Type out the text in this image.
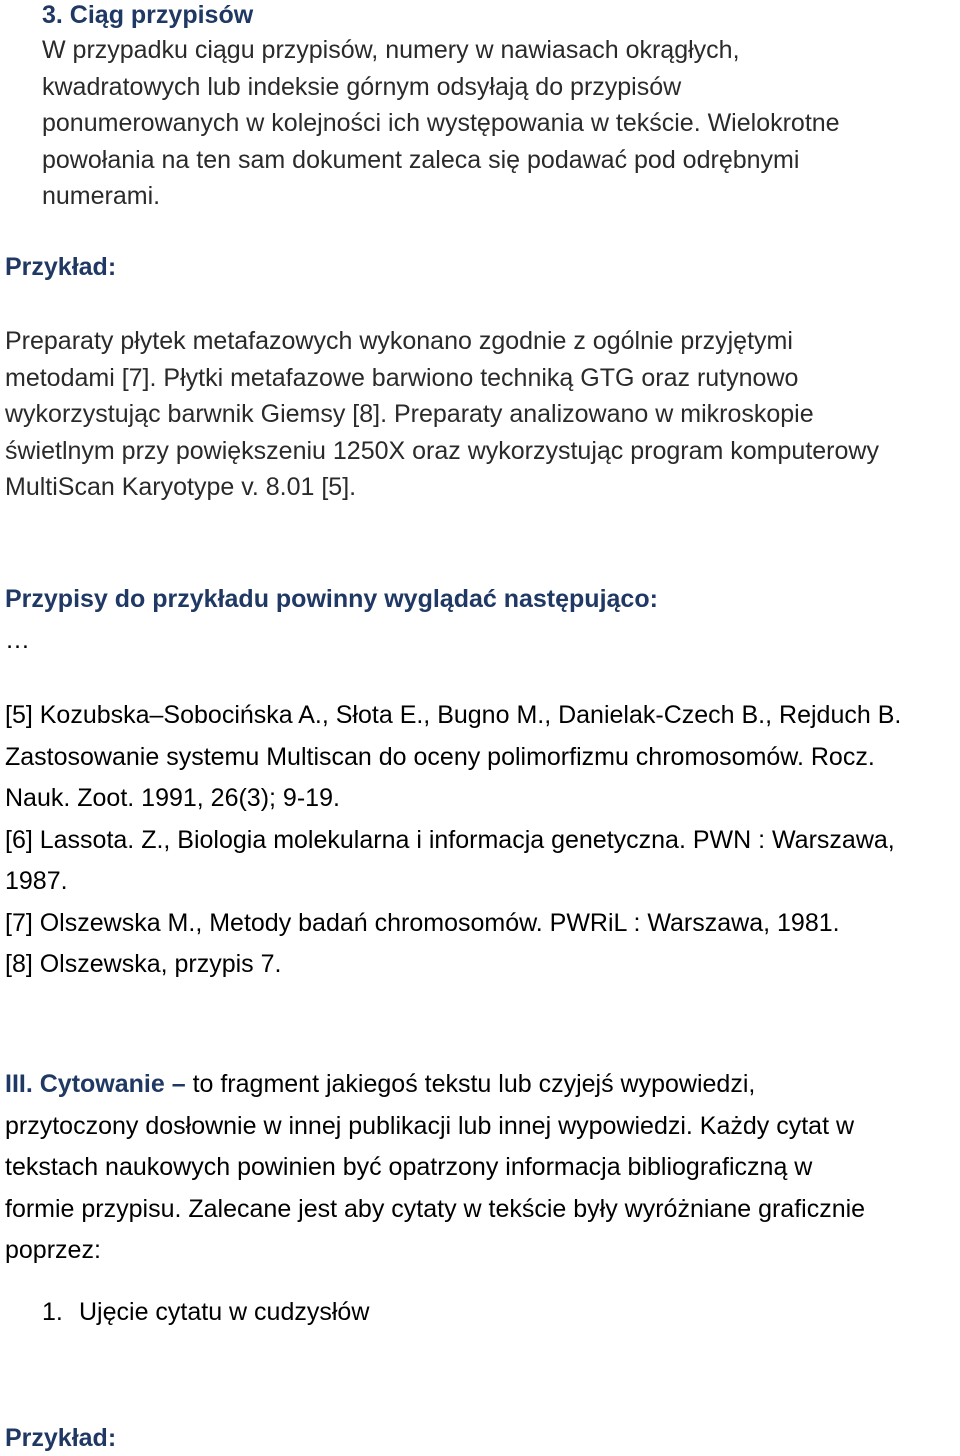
3. Ciąg przypisów
W przypadku ciągu przypisów, numery w nawiasach okrągłych,
kwadratowych lub indeksie górnym odsyłają do przypisów
ponumerowanych w kolejności ich występowania w tekście. Wielokrotne
powołania na ten sam dokument zaleca się podawać pod odrębnymi
numerami.
Przykład:
Preparaty płytek metafazowych wykonano zgodnie z ogólnie przyjętymi
metodami [7]. Płytki metafazowe barwiono techniką GTG oraz rutynowo
wykorzystując barwnik Giemsy [8]. Preparaty analizowano w mikroskopie
świetlnym przy powiększeniu 1250X oraz wykorzystując program komputerowy
MultiScan Karyotype v. 8.01 [5].
Przypisy do przykładu powinny wyglądać następująco:
…
[5] Kozubska–Sobocińska A., Słota E., Bugno M., Danielak-Czech B., Rejduch B.
Zastosowanie systemu Multiscan do oceny polimorfizmu chromosomów. Rocz.
Nauk. Zoot. 1991, 26(3); 9-19.
[6] Lassota. Z., Biologia molekularna i informacja genetyczna. PWN : Warszawa,
1987.
[7] Olszewska M., Metody badań chromosomów. PWRiL : Warszawa, 1981.
[8] Olszewska, przypis 7.
III. Cytowanie – to fragment jakiegoś tekstu lub czyjejś wypowiedzi,
przytoczony dosłownie w innej publikacji lub innej wypowiedzi. Każdy cytat w
tekstach naukowych powinien być opatrzony informacja bibliograficzną w
formie przypisu. Zalecane jest aby cytaty w tekście były wyróżniane graficznie
poprzez:
1. Ujęcie cytatu w cudzysłów
Przykład:
